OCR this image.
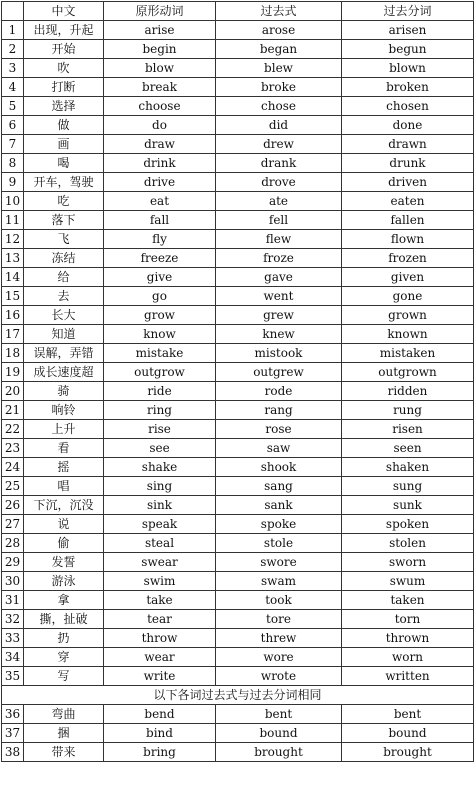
	中文	原形动词	过去式	过去分词
1	出现，升起	arise	arose	arisen
2	开始	begin	began	begun
3	吹	blow	blew	blown
4	打断	break	broke	broken
5	选择	choose	chose	chosen
6	做	do	did	done
7	画	draw	drew	drawn
8	喝	drink	drank	drunk
9	开车，驾驶	drive	drove	driven
10	吃	eat	ate	eaten
11	落下	fall	fell	fallen
12	飞	fly	flew	flown
13	冻结	freeze	froze	frozen
14	给	give	gave	given
15	去	go	went	gone
16	长大	grow	grew	grown
17	知道	know	knew	known
18	误解，弄错	mistake	mistook	mistaken
19	成长速度超	outgrow	outgrew	outgrown
20	骑	ride	rode	ridden
21	响铃	ring	rang	rung
22	上升	rise	rose	risen
23	看	see	saw	seen
24	摇	shake	shook	shaken
25	唱	sing	sang	sung
26	下沉，沉没	sink	sank	sunk
27	说	speak	spoke	spoken
28	偷	steal	stole	stolen
29	发誓	swear	swore	sworn
30	游泳	swim	swam	swum
31	拿	take	took	taken
32	撕，扯破	tear	tore	torn
33	扔	throw	threw	thrown
34	穿	wear	wore	worn
35	写	write	wrote	written
以下各词过去式与过去分词相同				
36	弯曲	bend	bent	bent
37	捆	bind	bound	bound
38	带来	bring	brought	brought
